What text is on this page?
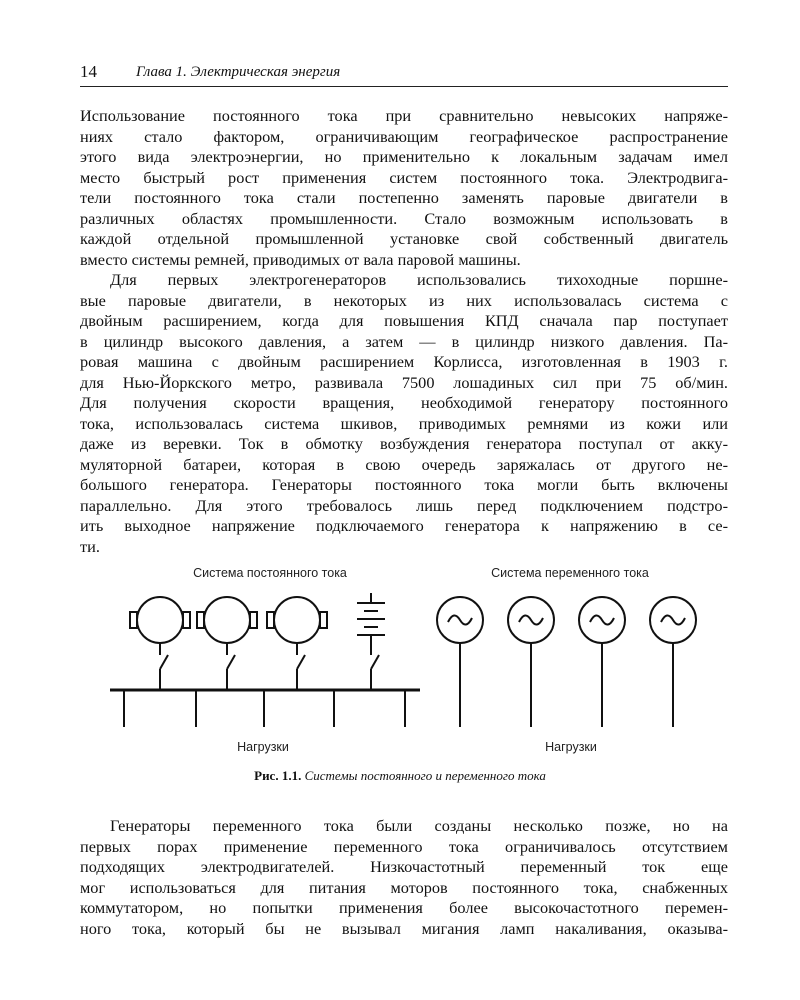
14	Глава 1. Электрическая энергия
Использование постоянного тока при сравнительно невысоких напряже-
ниях стало фактором, ограничивающим географическое распространение
этого вида электроэнергии, но применительно к локальным задачам имел
место быстрый рост применения систем постоянного тока. Электродвига-
тели постоянного тока стали постепенно заменять паровые двигатели в
различных областях промышленности. Стало возможным использовать в
каждой отдельной промышленной установке свой собственный двигатель
вместо системы ремней, приводимых от вала паровой машины.
Для первых электрогенераторов использовались тихоходные поршне-
вые паровые двигатели, в некоторых из них использовалась система с
двойным расширением, когда для повышения КПД сначала пар поступает
в цилиндр высокого давления, а затем — в цилиндр низкого давления. Па-
ровая машина с двойным расширением Корлисса, изготовленная в 1903 г.
для Нью-Йоркского метро, развивала 7500 лошадиных сил при 75 об/мин.
Для получения скорости вращения, необходимой генератору постоянного
тока, использовалась система шкивов, приводимых ремнями из кожи или
даже из веревки. Ток в обмотку возбуждения генератора поступал от акку-
муляторной батареи, которая в свою очередь заряжалась от другого не-
большого генератора. Генераторы постоянного тока могли быть включены
параллельно. Для этого требовалось лишь перед подключением подстро-
ить выходное напряжение подключаемого генератора к напряжению в се-
ти.
Система постоянного тока	Система переменного тока
Нагрузки	Нагрузки
Рис. 1.1. Системы постоянного и переменного тока
Генераторы переменного тока были созданы несколько позже, но на
первых порах применение переменного тока ограничивалось отсутствием
подходящих электродвигателей. Низкочастотный переменный ток еще
мог использоваться для питания моторов постоянного тока, снабженных
коммутатором, но попытки применения более высокочастотного перемен-
ного тока, который бы не вызывал мигания ламп накаливания, оказыва-
